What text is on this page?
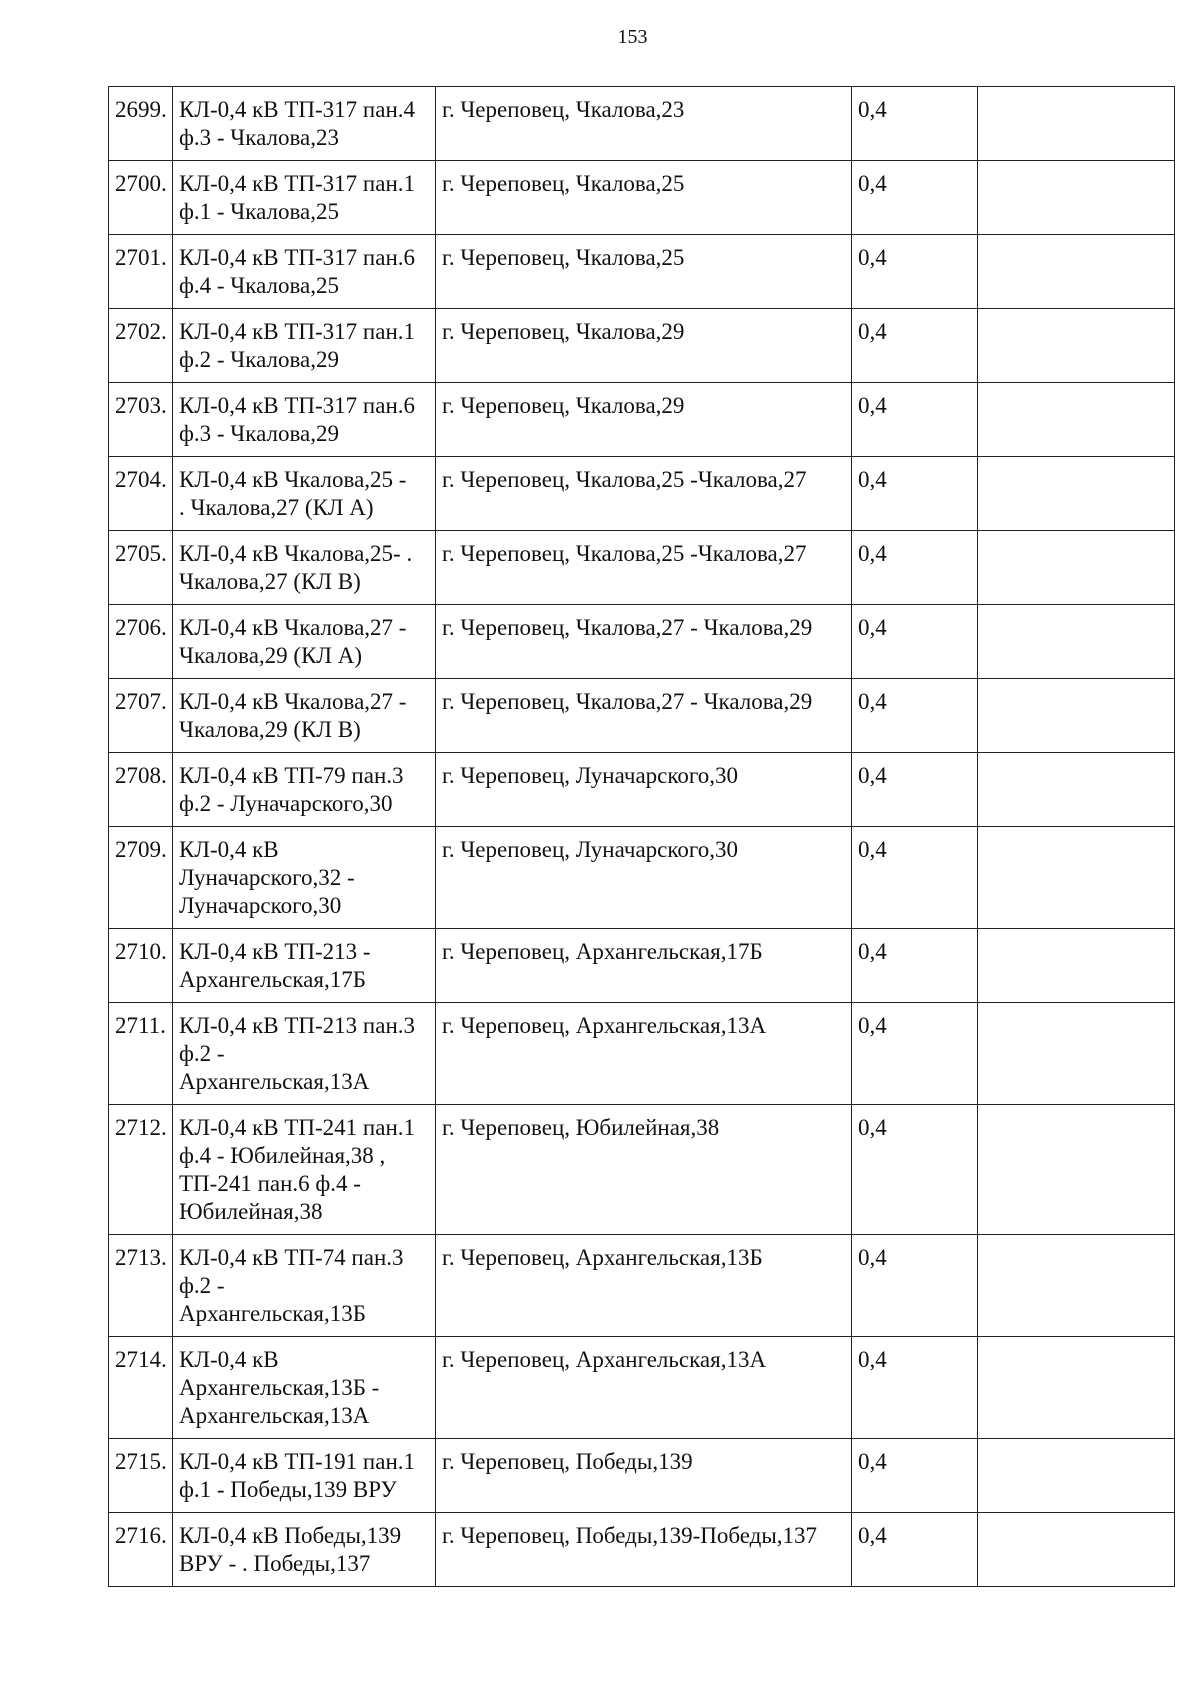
153
2699.	КЛ-0,4 кВ ТП-317 пан.4
ф.3 - Чкалова,23	г. Череповец, Чкалова,23	0,4	
2700.	КЛ-0,4 кВ ТП-317 пан.1
ф.1 - Чкалова,25	г. Череповец, Чкалова,25	0,4	
2701.	КЛ-0,4 кВ ТП-317 пан.6
ф.4 - Чкалова,25	г. Череповец, Чкалова,25	0,4	
2702.	КЛ-0,4 кВ ТП-317 пан.1
ф.2 - Чкалова,29	г. Череповец, Чкалова,29	0,4	
2703.	КЛ-0,4 кВ ТП-317 пан.6
ф.3 - Чкалова,29	г. Череповец, Чкалова,29	0,4	
2704.	КЛ-0,4 кВ Чкалова,25 -
. Чкалова,27 (КЛ А)	г. Череповец, Чкалова,25 -Чкалова,27	0,4	
2705.	КЛ-0,4 кВ Чкалова,25- .
Чкалова,27 (КЛ В)	г. Череповец, Чкалова,25 -Чкалова,27	0,4	
2706.	КЛ-0,4 кВ Чкалова,27 -
Чкалова,29 (КЛ А)	г. Череповец, Чкалова,27 - Чкалова,29	0,4	
2707.	КЛ-0,4 кВ Чкалова,27 -
Чкалова,29 (КЛ В)	г. Череповец, Чкалова,27 - Чкалова,29	0,4	
2708.	КЛ-0,4 кВ ТП-79 пан.3
ф.2 - Луначарского,30	г. Череповец, Луначарского,30	0,4	
2709.	КЛ-0,4 кВ
Луначарского,32 -
Луначарского,30	г. Череповец, Луначарского,30	0,4	
2710.	КЛ-0,4 кВ ТП-213 -
Архангельская,17Б	г. Череповец, Архангельская,17Б	0,4	
2711.	КЛ-0,4 кВ ТП-213 пан.3
ф.2 -
Архангельская,13А	г. Череповец, Архангельская,13А	0,4	
2712.	КЛ-0,4 кВ ТП-241 пан.1
ф.4 - Юбилейная,38 ,
ТП-241 пан.6 ф.4 -
Юбилейная,38	г. Череповец, Юбилейная,38	0,4	
2713.	КЛ-0,4 кВ ТП-74 пан.3
ф.2 -
Архангельская,13Б	г. Череповец, Архангельская,13Б	0,4	
2714.	КЛ-0,4 кВ
Архангельская,13Б -
Архангельская,13А	г. Череповец, Архангельская,13А	0,4	
2715.	КЛ-0,4 кВ ТП-191 пан.1
ф.1 - Победы,139 ВРУ	г. Череповец, Победы,139	0,4	
2716.	КЛ-0,4 кВ Победы,139
ВРУ - . Победы,137	г. Череповец, Победы,139-Победы,137	0,4	
